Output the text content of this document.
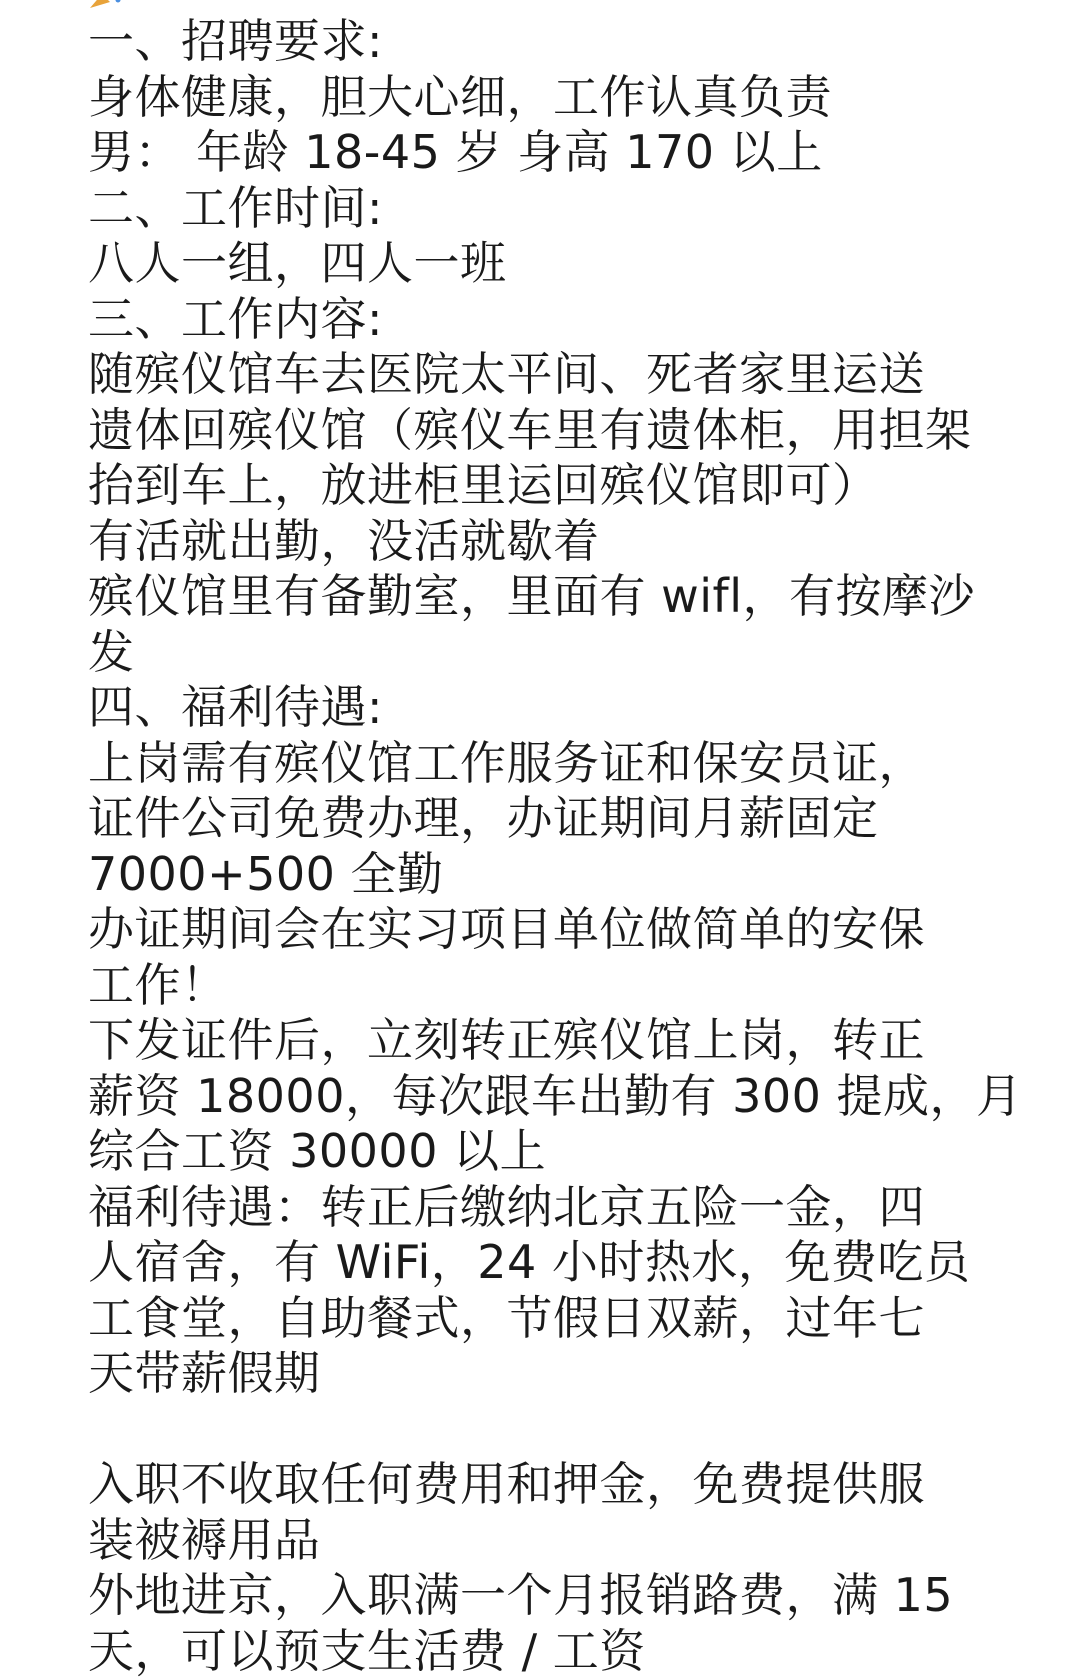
一、招聘要求:
身体健康，胆大心细，工作认真负责
男： 年龄 18-45 岁 身高 170 以上
二、工作时间:
八人一组，四人一班
三、工作内容:
随殡仪馆车去医院太平间、死者家里运送
遗体回殡仪馆（殡仪车里有遗体柜，用担架
抬到车上，放进柜里运回殡仪馆即可）
有活就出勤，没活就歇着
殡仪馆里有备勤室，里面有 wifl，有按摩沙
发
四、福利待遇:
上岗需有殡仪馆工作服务证和保安员证，
证件公司免费办理，办证期间月薪固定
7000+500 全勤
办证期间会在实习项目单位做简单的安保
工作！
下发证件后，立刻转正殡仪馆上岗，转正
薪资 18000，每次跟车出勤有 300 提成，月
综合工资 30000 以上
福利待遇：转正后缴纳北京五险一金，四
人宿舍，有 WiFi，24 小时热水，免费吃员
工食堂，自助餐式，节假日双薪，过年七
天带薪假期
入职不收取任何费用和押金，免费提供服
装被褥用品
外地进京，入职满一个月报销路费，满 15
天，可以预支生活费 / 工资
